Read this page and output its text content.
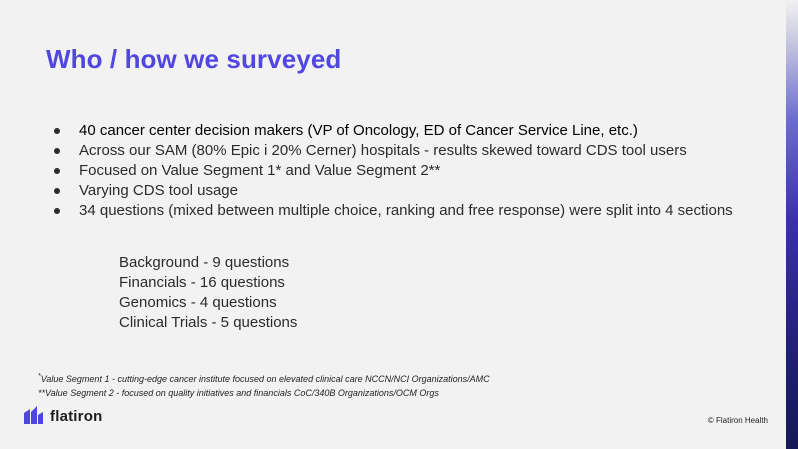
Who / how we surveyed
40 cancer center decision makers (VP of Oncology, ED of Cancer Service Line, etc.)
Across our SAM (80% Epic i 20% Cerner) hospitals - results skewed toward CDS tool users
Focused on Value Segment 1* and Value Segment 2**
Varying CDS tool usage
34 questions (mixed between multiple choice, ranking and free response) were split into 4 sections
Background - 9 questions
Financials - 16 questions
Genomics - 4 questions
Clinical Trials - 5 questions
*Value Segment 1 - cutting-edge cancer institute focused on elevated clinical care NCCN/NCI Organizations/AMC
**Value Segment 2 - focused on quality initiatives and financials CoC/340B Organizations/OCM Orgs
flatiron	© Flatiron Health
